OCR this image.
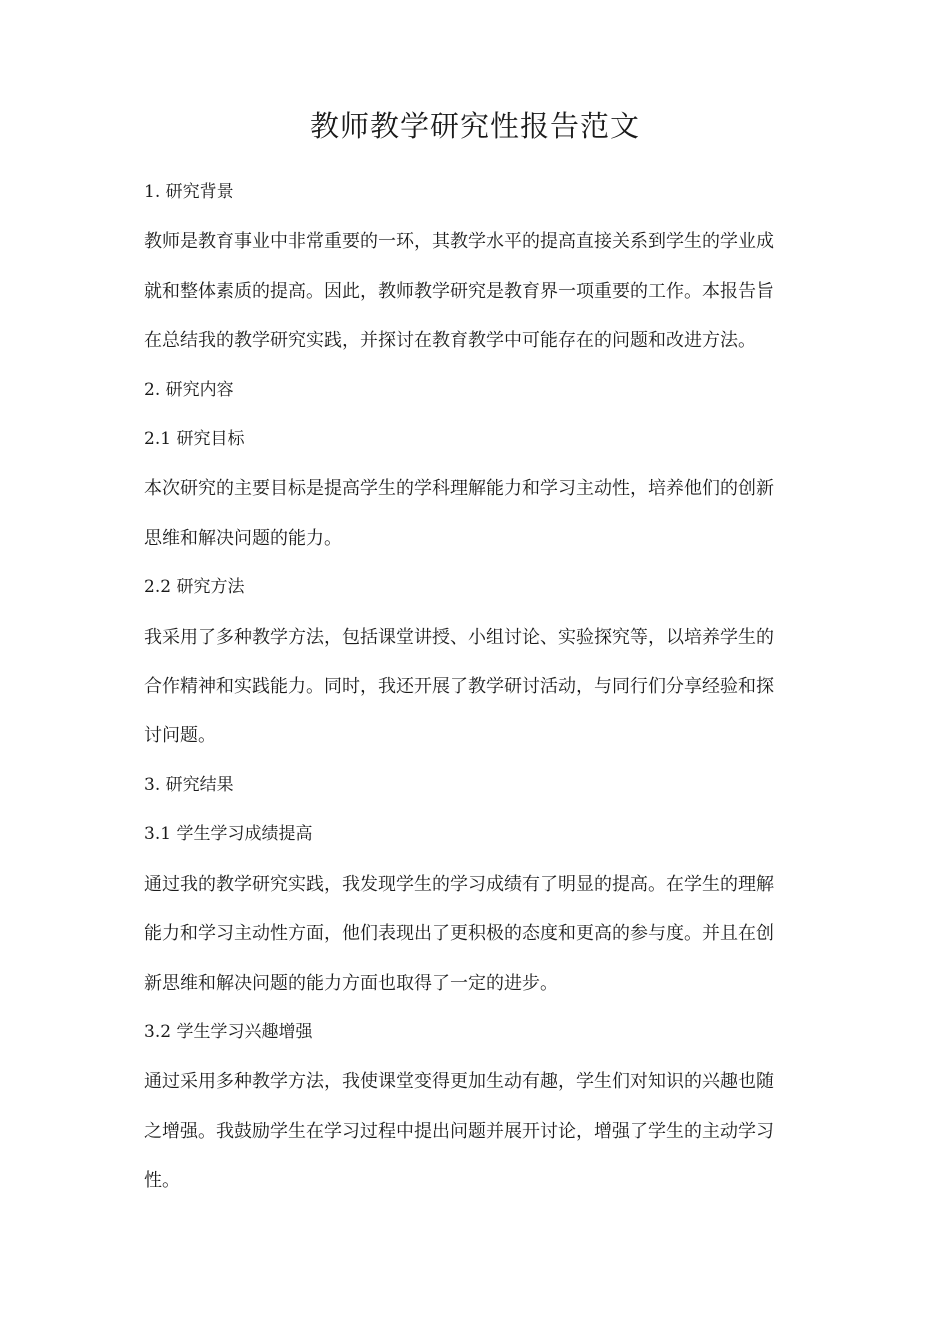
教师教学研究性报告范文

1. 研究背景

教师是教育事业中非常重要的一环，其教学水平的提高直接关系到学生的学业成

就和整体素质的提高。因此，教师教学研究是教育界一项重要的工作。本报告旨

在总结我的教学研究实践，并探讨在教育教学中可能存在的问题和改进方法。

2. 研究内容

2.1 研究目标

本次研究的主要目标是提高学生的学科理解能力和学习主动性，培养他们的创新

思维和解决问题的能力。

2.2 研究方法

我采用了多种教学方法，包括课堂讲授、小组讨论、实验探究等，以培养学生的

合作精神和实践能力。同时，我还开展了教学研讨活动，与同行们分享经验和探

讨问题。

3. 研究结果

3.1 学生学习成绩提高

通过我的教学研究实践，我发现学生的学习成绩有了明显的提高。在学生的理解

能力和学习主动性方面，他们表现出了更积极的态度和更高的参与度。并且在创

新思维和解决问题的能力方面也取得了一定的进步。

3.2 学生学习兴趣增强

通过采用多种教学方法，我使课堂变得更加生动有趣，学生们对知识的兴趣也随

之增强。我鼓励学生在学习过程中提出问题并展开讨论，增强了学生的主动学习

性。
